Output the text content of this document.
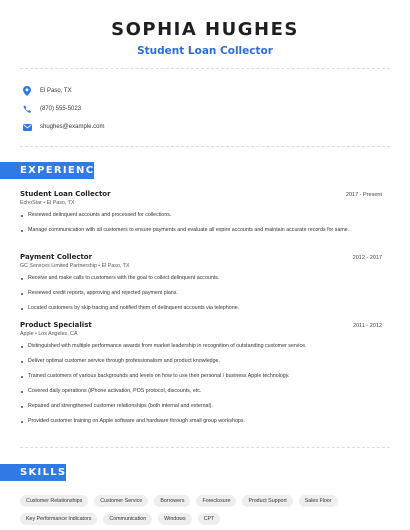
SOPHIA HUGHES
Student Loan Collector
El Paso, TX
(870) 555-5023
shughes@example.com
EXPERIENCE
Student Loan Collector	2017 - Present
EchoStar • El Paso, TX
Reviewed delinquent accounts and processed for collections.
Manage communication with all customers to ensure payments and evaluate all expire accounts and maintain accurate records for same.
Payment Collector	2012 - 2017
GC Services Limited Partnership • El Paso, TX
Receive and make calls to customers with the goal to collect delinquent accounts.
Reviewed credit reports, approving and rejected payment plans.
Located customers by skip tracing and notified them of delinquent accounts via telephone.
Product Specialist	2011 - 2012
Apple • Los Angeles, CA
Distinguished with multiple performance awards from market leadership in recognition of outstanding customer service.
Deliver optimal customer service through professionalism and product knowledge.
Trained customers of various backgrounds and levels on how to use their personal / business Apple technology.
Covered daily operations (iPhone activation, POS protocol, discounts, etc.
Repaired and strengthened customer relationships (both internal and external).
Provided customer training on Apple software and hardware through small group workshops.
SKILLS
Customer Relationships	Customer Service	Borrowers	Foreclosure	Product Support	Sales Floor
Key Performance Indicators	Communication	Windows	CPT
